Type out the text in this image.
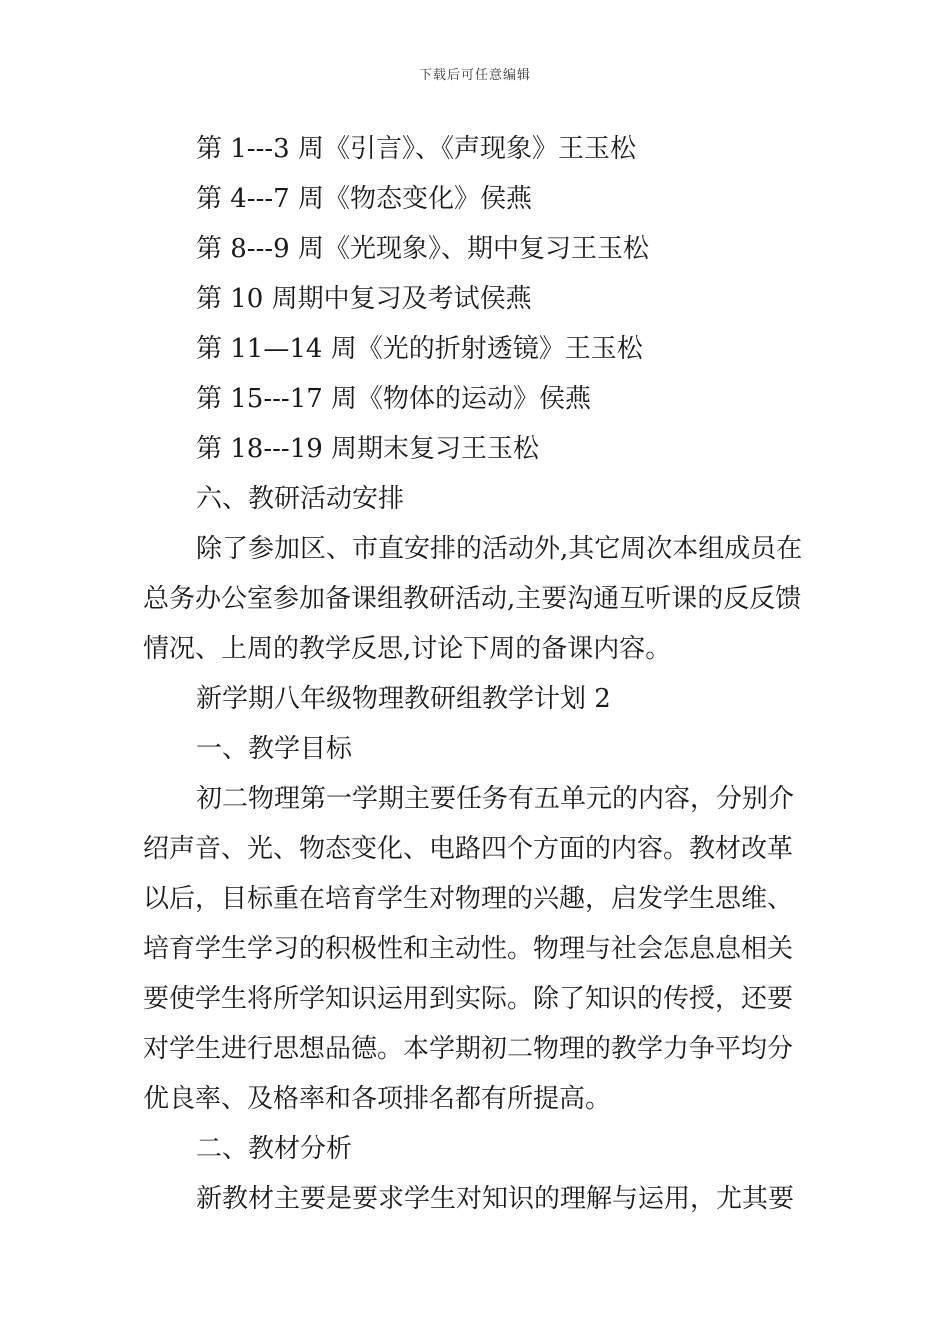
下载后可任意编辑
第 1---3 周《引言》、《声现象》王玉松
第 4---7 周《物态变化》侯燕
第 8---9 周《光现象》、期中复习王玉松
第 10 周期中复习及考试侯燕
第 11—14 周《光的折射透镜》王玉松
第 15---17 周《物体的运动》侯燕
第 18---19 周期末复习王玉松
六、教研活动安排
除了参加区、市直安排的活动外,其它周次本组成员在
总务办公室参加备课组教研活动,主要沟通互听课的反反馈
情况、上周的教学反思,讨论下周的备课内容。
新学期八年级物理教研组教学计划 2
一、教学目标
初二物理第一学期主要任务有五单元的内容，分别介
绍声音、光、物态变化、电路四个方面的内容。教材改革
以后，目标重在培育学生对物理的兴趣，启发学生思维、
培育学生学习的积极性和主动性。物理与社会怎息息相关
要使学生将所学知识运用到实际。除了知识的传授，还要
对学生进行思想品德。本学期初二物理的教学力争平均分
优良率、及格率和各项排名都有所提高。
二、教材分析
新教材主要是要求学生对知识的理解与运用，尤其要
